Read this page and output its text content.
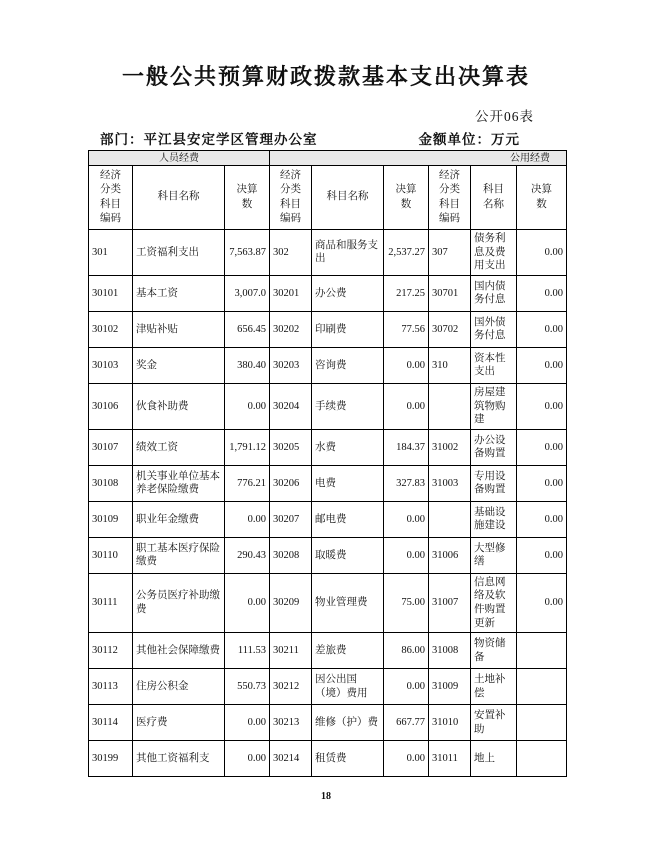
一般公共预算财政拨款基本支出决算表
公开06表
部门：平江县安定学区管理办公室	金额单位：万元
人员经费			公用经费					
经济分类科目编码	科目名称	决算数	经济分类科目编码	科目名称	决算数	经济分类科目编码	科目名称	决算数
301	工资福利支出	7,563.87	302	商品和服务支出	2,537.27	307	债务利息及费用支出	0.00
30101	基本工资	3,007.0	30201	办公费	217.25	30701	国内债务付息	0.00
30102	津贴补贴	656.45	30202	印刷费	77.56	30702	国外债务付息	0.00
30103	奖金	380.40	30203	咨询费	0.00	310	资本性支出	0.00
30106	伙食补助费	0.00	30204	手续费	0.00		房屋建筑物购建	0.00
30107	绩效工资	1,791.12	30205	水费	184.37	31002	办公设备购置	0.00
30108	机关事业单位基本养老保险缴费	776.21	30206	电费	327.83	31003	专用设备购置	0.00
30109	职业年金缴费	0.00	30207	邮电费	0.00		基础设施建设	0.00
30110	职工基本医疗保险缴费	290.43	30208	取暖费	0.00	31006	大型修缮	0.00
30111	公务员医疗补助缴费	0.00	30209	物业管理费	75.00	31007	信息网络及软件购置更新	0.00
30112	其他社会保障缴费	111.53	30211	差旅费	86.00	31008	物资储备	
30113	住房公积金	550.73	30212	因公出国（境）费用	0.00	31009	土地补偿	
30114	医疗费	0.00	30213	维修（护）费	667.77	31010	安置补助	
30199	其他工资福利支	0.00	30214	租赁费	0.00	31011	地上	
18
